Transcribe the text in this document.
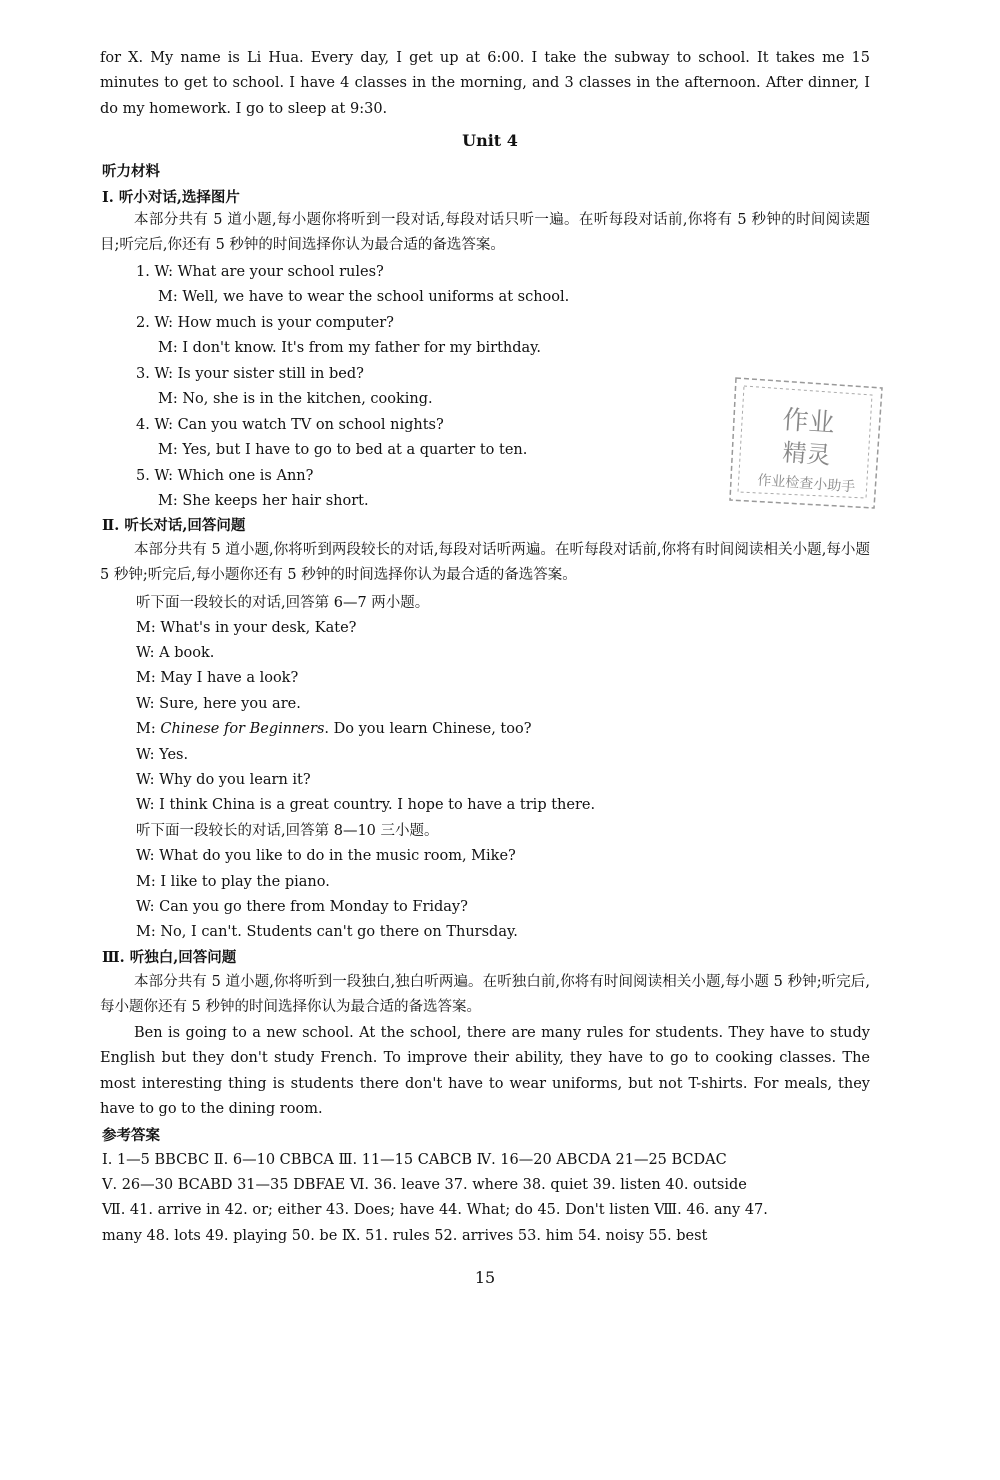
for X. My name is Li Hua. Every day, I get up at 6:00. I take the subway to school. It takes me 15 minutes to get to school. I have 4 classes in the morning, and 3 classes in the afternoon. After dinner, I do my homework. I go to sleep at 9:30.

Unit 4
听力材料
Ⅰ. 听小对话,选择图片

本部分共有 5 道小题,每小题你将听到一段对话,每段对话只听一遍。在听每段对话前,你将有 5 秒钟的时间阅读题目;听完后,你还有 5 秒钟的时间选择你认为最合适的备选答案。

1. W: What are your school rules?
M: Well, we have to wear the school uniforms at school.
2. W: How much is your computer?
M: I don't know. It's from my father for my birthday.
3. W: Is your sister still in bed?
M: No, she is in the kitchen, cooking.
4. W: Can you watch TV on school nights?
M: Yes, but I have to go to bed at a quarter to ten.
5. W: Which one is Ann?
M: She keeps her hair short.
作业
精灵
作业检查小助手
Ⅱ. 听长对话,回答问题

本部分共有 5 道小题,你将听到两段较长的对话,每段对话听两遍。在听每段对话前,你将有时间阅读相关小题,每小题 5 秒钟;听完后,每小题你还有 5 秒钟的时间选择你认为最合适的备选答案。

听下面一段较长的对话,回答第 6—7 两小题。
M: What's in your desk, Kate?
W: A book.
M: May I have a look?
W: Sure, here you are.
M: Chinese for Beginners. Do you learn Chinese, too?
W: Yes.
W: Why do you learn it?
W: I think China is a great country. I hope to have a trip there.
听下面一段较长的对话,回答第 8—10 三小题。
W: What do you like to do in the music room, Mike?
M: I like to play the piano.
W: Can you go there from Monday to Friday?
M: No, I can't. Students can't go there on Thursday.
Ⅲ. 听独白,回答问题

本部分共有 5 道小题,你将听到一段独白,独白听两遍。在听独白前,你将有时间阅读相关小题,每小题 5 秒钟;听完后,每小题你还有 5 秒钟的时间选择你认为最合适的备选答案。

Ben is going to a new school. At the school, there are many rules for students. They have to study English but they don't study French. To improve their ability, they have to go to cooking classes. The most interesting thing is students there don't have to wear uniforms, but not T-shirts. For meals, they have to go to the dining room.

参考答案
Ⅰ. 1—5 BBCBC Ⅱ. 6—10 CBBCA Ⅲ. 11—15 CABCB Ⅳ. 16—20 ABCDA 21—25 BCDAC
Ⅴ. 26—30 BCABD 31—35 DBFAE Ⅵ. 36. leave 37. where 38. quiet 39. listen 40. outside
Ⅶ. 41. arrive in 42. or; either 43. Does; have 44. What; do 45. Don't listen Ⅷ. 46. any 47.
many 48. lots 49. playing 50. be Ⅸ. 51. rules 52. arrives 53. him 54. noisy 55. best
15
